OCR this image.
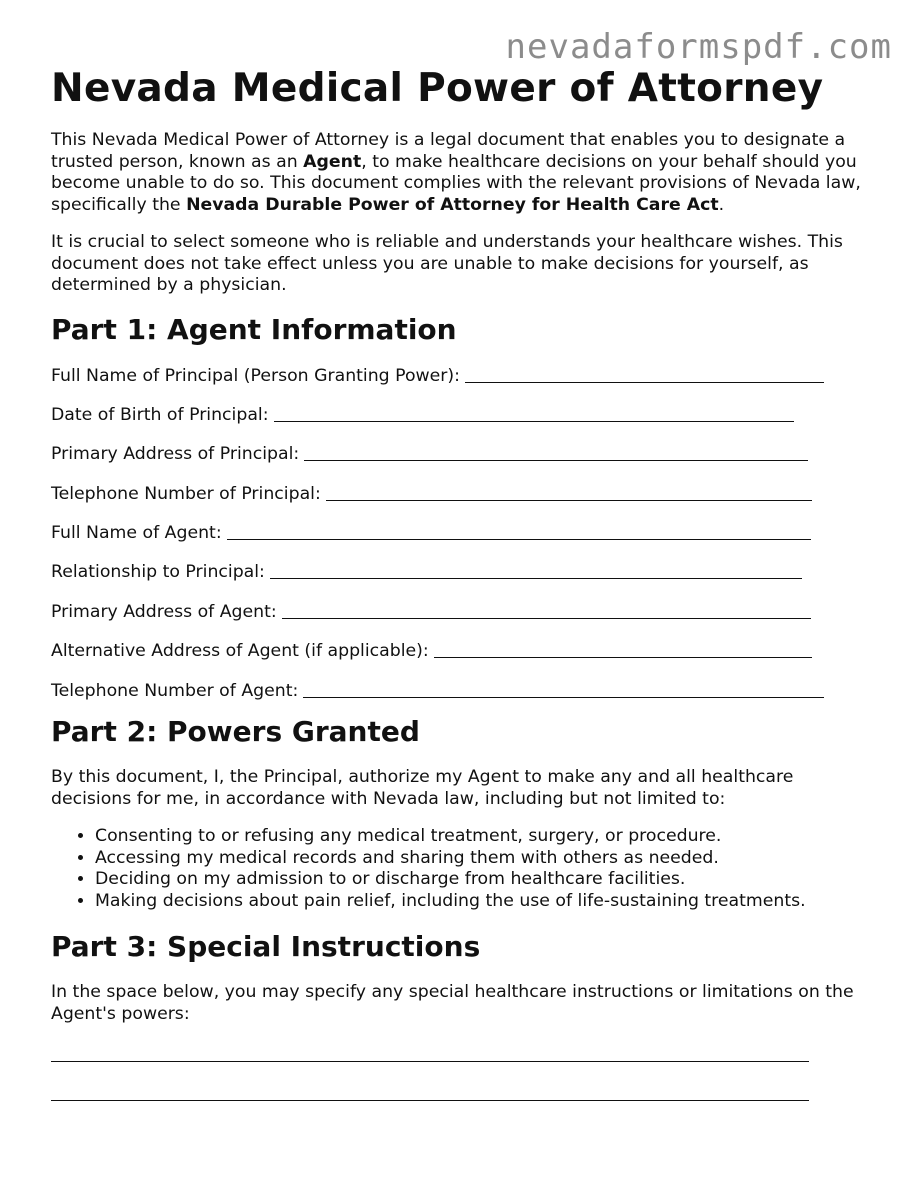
nevadaformspdf.com
Nevada Medical Power of Attorney

This Nevada Medical Power of Attorney is a legal document that enables you to designate a trusted person, known as an Agent, to make healthcare decisions on your behalf should you become unable to do so. This document complies with the relevant provisions of Nevada law, specifically the Nevada Durable Power of Attorney for Health Care Act.

It is crucial to select someone who is reliable and understands your healthcare wishes. This document does not take effect unless you are unable to make decisions for yourself, as determined by a physician.

Part 1: Agent Information
Full Name of Principal (Person Granting Power):
Date of Birth of Principal:
Primary Address of Principal:
Telephone Number of Principal:
Full Name of Agent:
Relationship to Principal:
Primary Address of Agent:
Alternative Address of Agent (if applicable):
Telephone Number of Agent:
Part 2: Powers Granted

By this document, I, the Principal, authorize my Agent to make any and all healthcare decisions for me, in accordance with Nevada law, including but not limited to:

• Consenting to or refusing any medical treatment, surgery, or procedure.
• Accessing my medical records and sharing them with others as needed.
• Deciding on my admission to or discharge from healthcare facilities.
• Making decisions about pain relief, including the use of life-sustaining treatments.
Part 3: Special Instructions

In the space below, you may specify any special healthcare instructions or limitations on the Agent's powers:
